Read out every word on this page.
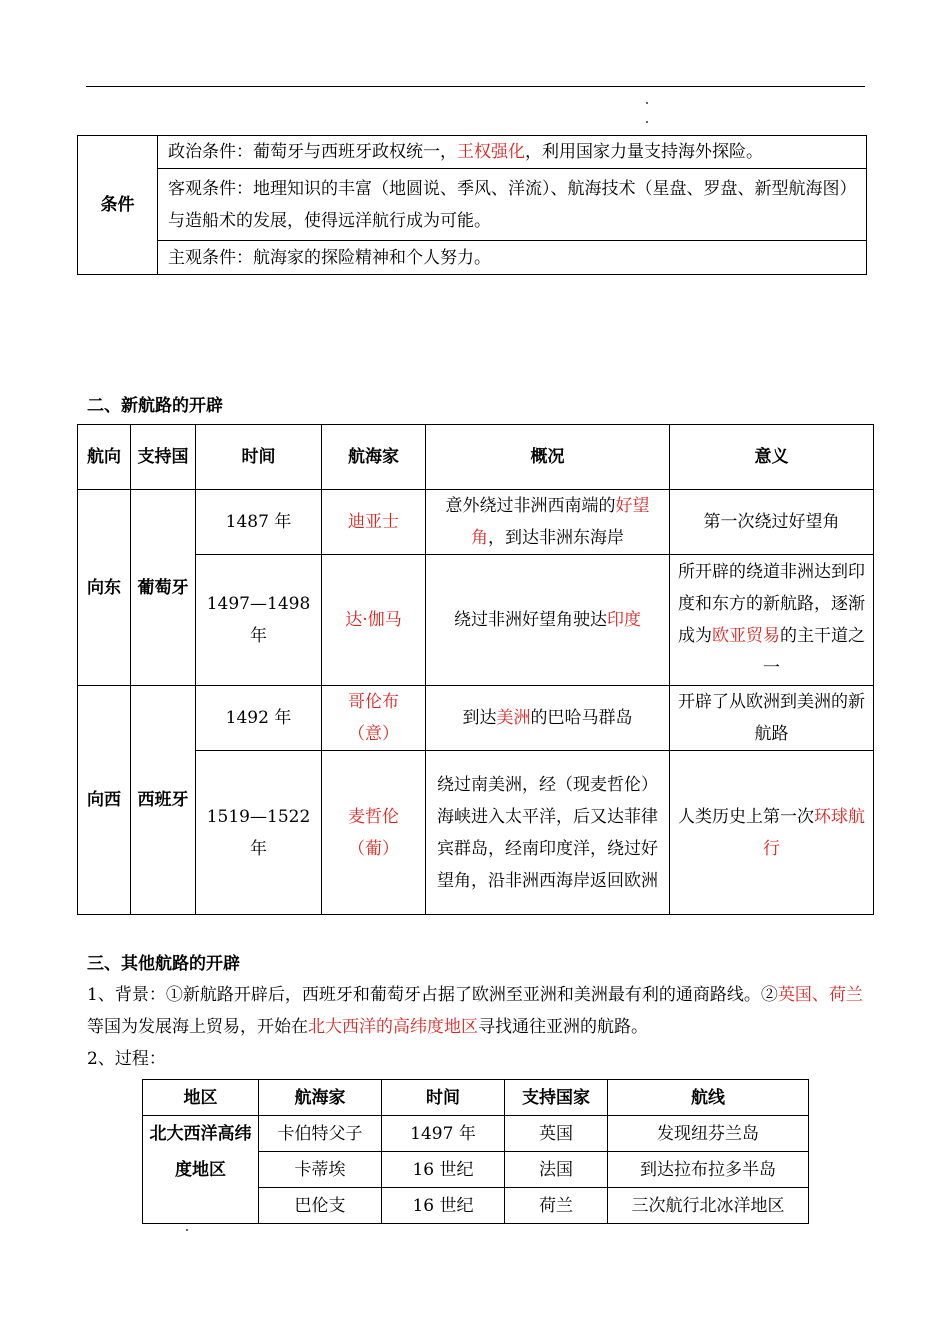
条件	政治条件：葡萄牙与西班牙政权统一，王权强化，利用国家力量支持海外探险。
客观条件：地理知识的丰富（地圆说、季风、洋流）、航海技术（星盘、罗盘、新型航海图）与造船术的发展，使得远洋航行成为可能。
主观条件：航海家的探险精神和个人努力。
二、新航路的开辟
航向	支持国	时间	航海家	概况	意义
向东	葡萄牙	1487 年	迪亚士	意外绕过非洲西南端的好望角，到达非洲东海岸	第一次绕过好望角
		1497—1498 年	达·伽马	绕过非洲好望角驶达印度	所开辟的绕道非洲达到印度和东方的新航路，逐渐成为欧亚贸易的主干道之一
向西	西班牙	1492 年	哥伦布（意）	到达美洲的巴哈马群岛	开辟了从欧洲到美洲的新航路
		1519—1522 年	麦哲伦（葡）	绕过南美洲，经（现麦哲伦）海峡进入太平洋，后又达菲律宾群岛，经南印度洋，绕过好望角，沿非洲西海岸返回欧洲	人类历史上第一次环球航行
三、其他航路的开辟
1、背景：①新航路开辟后，西班牙和葡萄牙占据了欧洲至亚洲和美洲最有利的通商路线。②英国、荷兰等国为发展海上贸易，开始在北大西洋的高纬度地区寻找通往亚洲的航路。
2、过程：
地区	航海家	时间	支持国家	航线
北大西洋高纬度地区	卡伯特父子	1497 年	英国	发现纽芬兰岛
	卡蒂埃	16 世纪	法国	到达拉布拉多半岛
	巴伦支	16 世纪	荷兰	三次航行北冰洋地区
